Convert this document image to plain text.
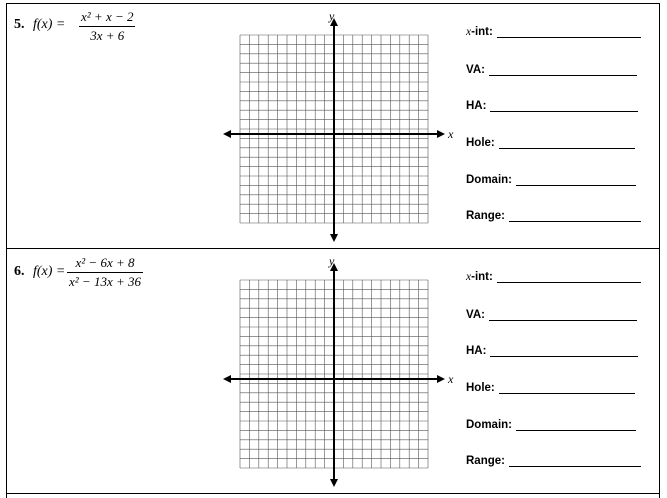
5. f(x) =
x² + x − 2
3x + 6
x
y
x-int:
VA:
HA:
Hole:
Domain:
Range:
6. f(x) =
x² − 6x + 8
x² − 13x + 36
x
y
x-int:
VA:
HA:
Hole:
Domain:
Range:
